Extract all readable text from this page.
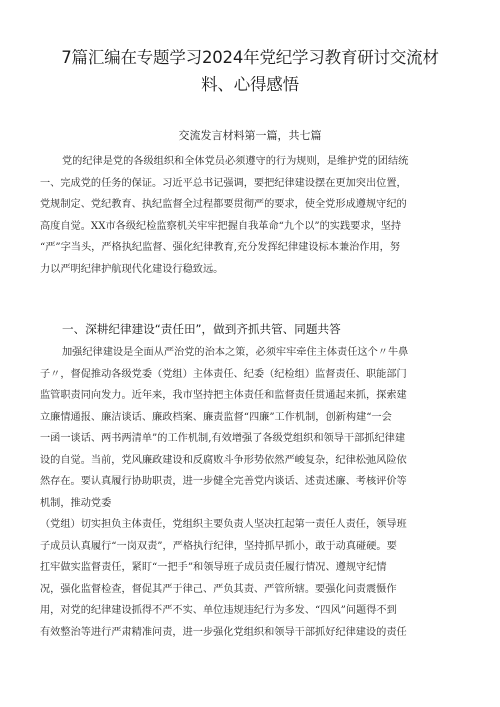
7篇汇编在专题学习2024年党纪学习教育研讨交流材
料、心得感悟
交流发言材料第一篇，共七篇
党的纪律是党的各级组织和全体党员必须遵守的行为规则，是维护党的团结统
一、完成党的任务的保证。习近平总书记强调，要把纪律建设摆在更加突出位置，
党规制定、党纪教育、执纪监督全过程都要贯彻严的要求，使全党形成遵规守纪的
高度自觉。XX市各级纪检监察机关牢牢把握自我革命“九个以”的实践要求，坚持
“严”字当头，严格执纪监督、强化纪律教育,充分发挥纪律建设标本兼治作用，努
力以严明纪律护航现代化建设行稳致远。
一、深耕纪律建设“责任田”，做到齐抓共管、同题共答
加强纪律建设是全面从严治党的治本之策，必须牢牢牵住主体责任这个〃牛鼻
子〃，督促推动各级党委（党组）主体责任、纪委（纪检组）监督责任、职能部门
监管职责同向发力。近年来，我市坚持把主体责任和监督责任贯通起来抓，探索建
立廉情通报、廉洁谈话、廉政档案、廉责监督“四廉”工作机制，创新构建“一会
一函一谈话、两书两清单”的工作机制,有效增强了各级党组织和领导干部抓纪律建
设的自觉。当前，党风廉政建设和反腐败斗争形势依然严峻复杂，纪律松弛风险依
然存在。要认真履行协助职责，进一步健全完善党内谈话、述责述廉、考核评价等
机制，推动党委
（党组）切实担负主体责任，党组织主要负责人坚决扛起第一责任人责任，领导班
子成员认真履行“一岗双责”，严格执行纪律，坚持抓早抓小，敢于动真碰硬。要
扛牢做实监督责任，紧盯“一把手”和领导班子成员责任履行情况、遵规守纪情
况，强化监督检查，督促其严于律己、严负其责、严管所辖。要强化问责震慑作
用，对党的纪律建设抓得不严不实、单位违规违纪行为多发、“四风”问题得不到
有效整治等进行严肃精准问责，进一步强化党组织和领导干部抓好纪律建设的责任
